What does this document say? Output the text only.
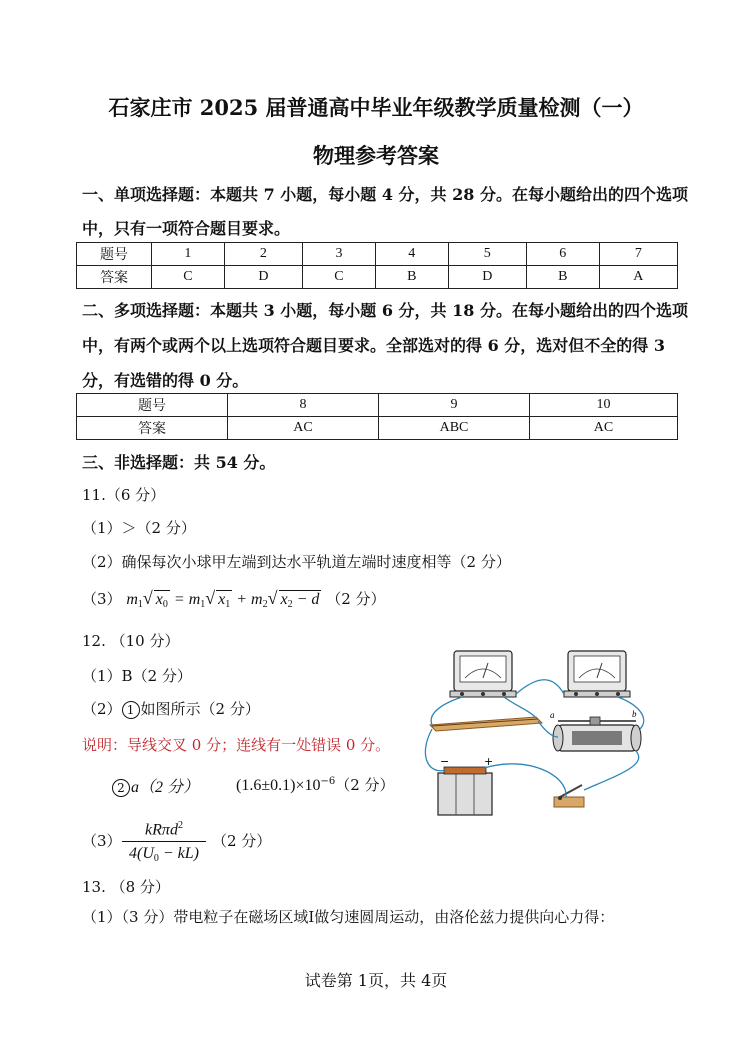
石家庄市 2025 届普通高中毕业年级教学质量检测（一）
物理参考答案
一、单项选择题：本题共 7 小题，每小题 4 分，共 28 分。在每小题给出的四个选项
中，只有一项符合题目要求。
题号	1	2	3	4	5	6	7
答案	C	D	C	B	D	B	A
二、多项选择题：本题共 3 小题，每小题 6 分，共 18 分。在每小题给出的四个选项
中，有两个或两个以上选项符合题目要求。全部选对的得 6 分，选对但不全的得 3
分，有选错的得 0 分。
题号	8	9	10
答案	AC	ABC	AC
三、非选择题：共 54 分。
11.（6 分）
（1）＞（2 分）
（2）确保每次小球甲左端到达水平轨道左端时速度相等（2 分）
（3） $m_1√$ $x_0 = m_1√$ $x_1 + m_2√$ $x_2 - d$ （2 分）
12. （10 分）
（1）B（2 分）
（2） 1 如图所示（2 分）
说明：导线交叉 0 分；连线有一处错误 0 分。
2 a（2 分） $(1.6\pm 0.1)\times 10^{-6}(2$ 分）
（3）
kRπd$^2$
$4(U_0 - kL)$
（2 分）
a	b
−	+
13. （8 分）
（1）（3 分）带电粒子在磁场区域Ⅰ做匀速圆周运动，由洛伦兹力提供向心力得：
试卷第 1页，共 4页
